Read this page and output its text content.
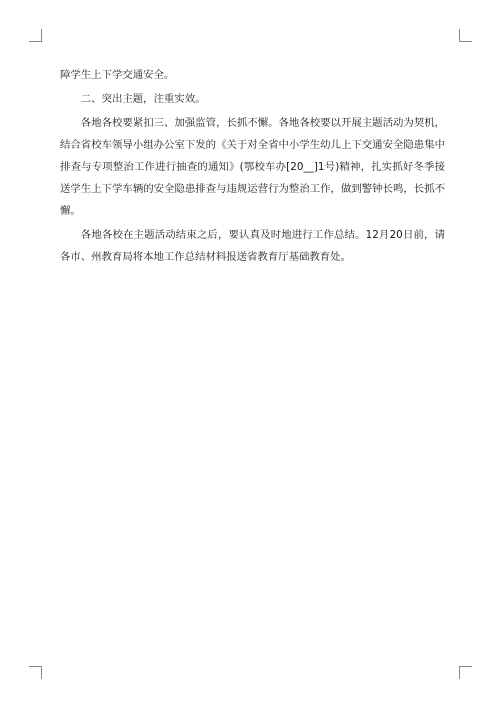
障学生上下学交通安全。

二、突出主题，注重实效。

各地各校要紧扣三、加强监管，长抓不懈。各地各校要以开展主题活动为契机，结合省校车领导小组办公室下发的《关于对全省中小学生幼儿上下交通安全隐患集中排查与专项整治工作进行抽查的通知》(鄂校车办[20__]1号)精神，扎实抓好冬季接送学生上下学车辆的安全隐患排查与违规运营行为整治工作，做到警钟长鸣，长抓不懈。

各地各校在主题活动结束之后，要认真及时地进行工作总结。12月20日前，请各市、州教育局将本地工作总结材料报送省教育厅基础教育处。
